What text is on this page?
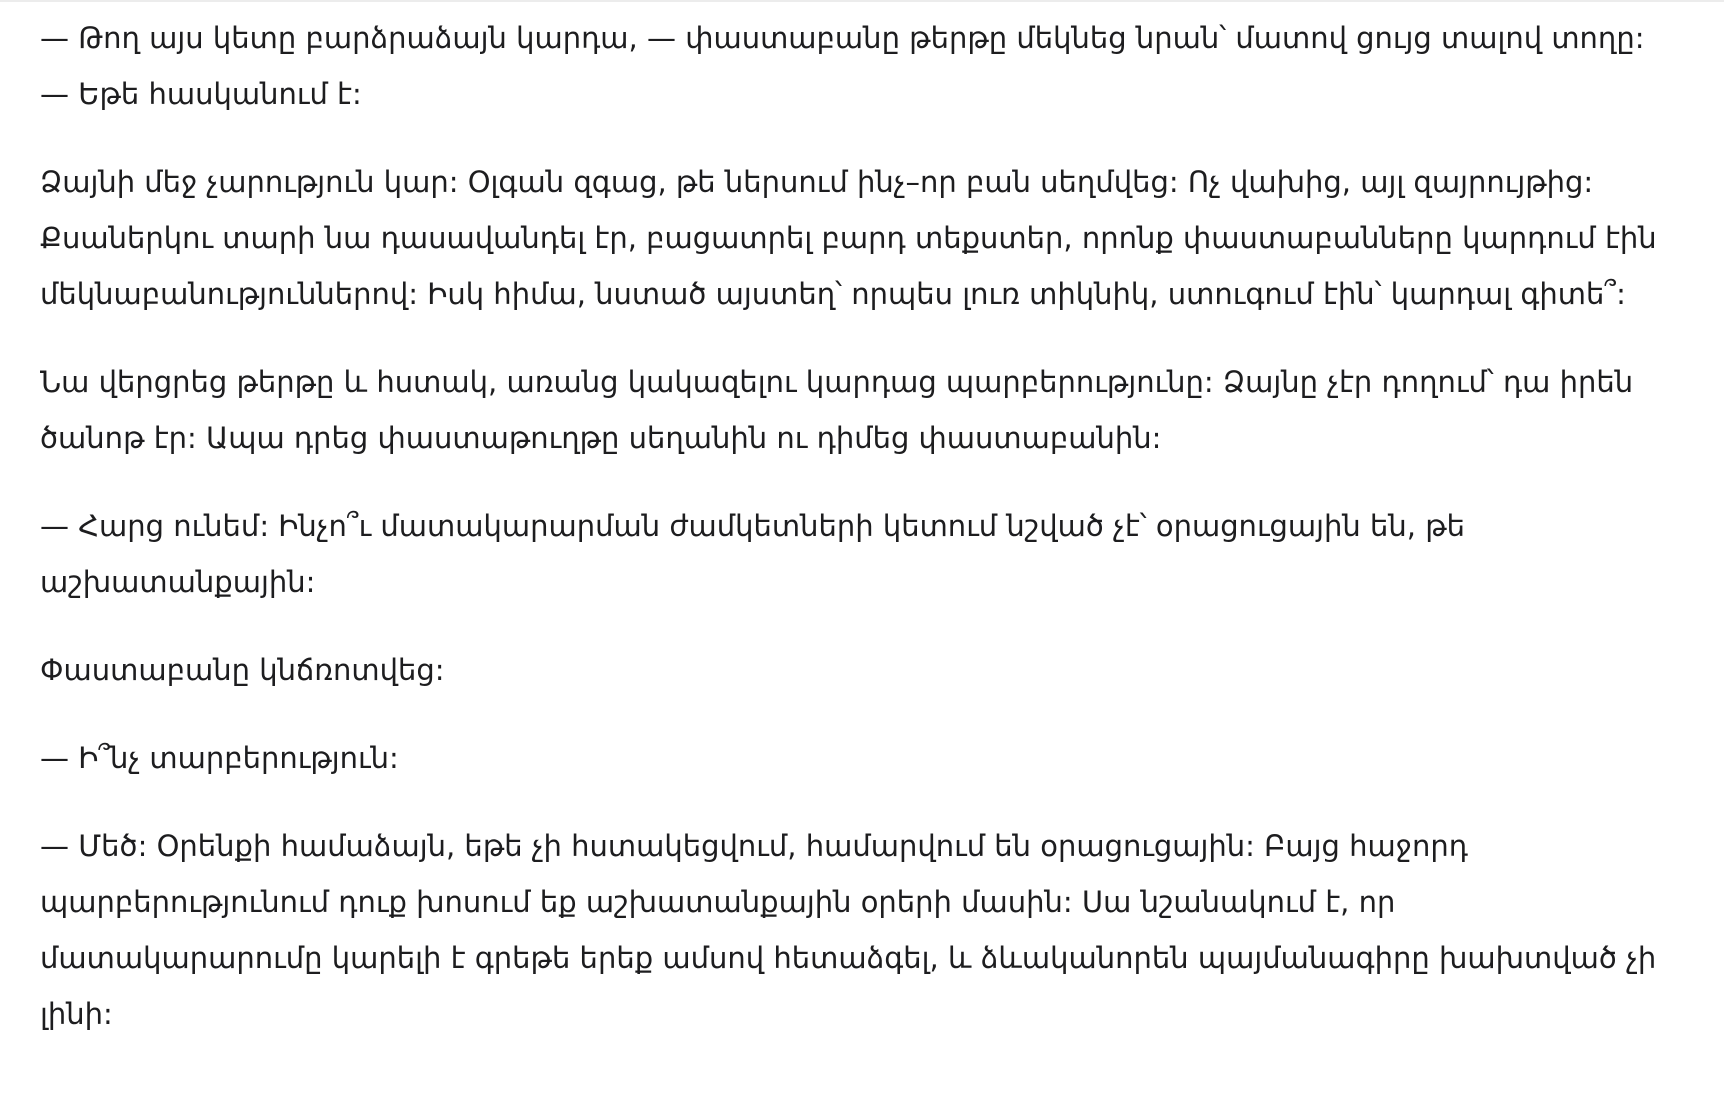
— Թող այս կետը բարձրաձայն կարդա, — փաստաբանը թերթը մեկնեց նրան՝ մատով ցույց տալով տողը: — Եթե հասկանում է:

Ձայնի մեջ չարություն կար: Օլգան զգաց, թե ներսում ինչ–որ բան սեղմվեց: Ոչ վախից, այլ զայրույթից: Քսաներկու տարի նա դասավանդել էր, բացատրել բարդ տեքստեր, որոնք փաստաբանները կարդում էին մեկնաբանություններով: Իսկ հիմա, նստած այստեղ՝ որպես լուռ տիկնիկ, ստուգում էին՝ կարդալ գիտե՞:

Նա վերցրեց թերթը և հստակ, առանց կակազելու կարդաց պարբերությունը: Ձայնը չէր դողում՝ դա իրեն ծանոթ էր: Ապա դրեց փաստաթուղթը սեղանին ու դիմեց փաստաբանին:

— Հարց ունեմ: Ինչո՞ւ մատակարարման ժամկետների կետում նշված չէ՝ օրացուցային են, թե աշխատանքային:

Փաստաբանը կնճռոտվեց:

— Ի՞նչ տարբերություն:

— Մեծ: Օրենքի համաձայն, եթե չի հստակեցվում, համարվում են օրացուցային: Բայց հաջորդ պարբերությունում դուք խոսում եք աշխատանքային օրերի մասին: Սա նշանակում է, որ մատակարարումը կարելի է գրեթե երեք ամսով հետաձգել, և ձևականորեն պայմանագիրը խախտված չի լինի:
